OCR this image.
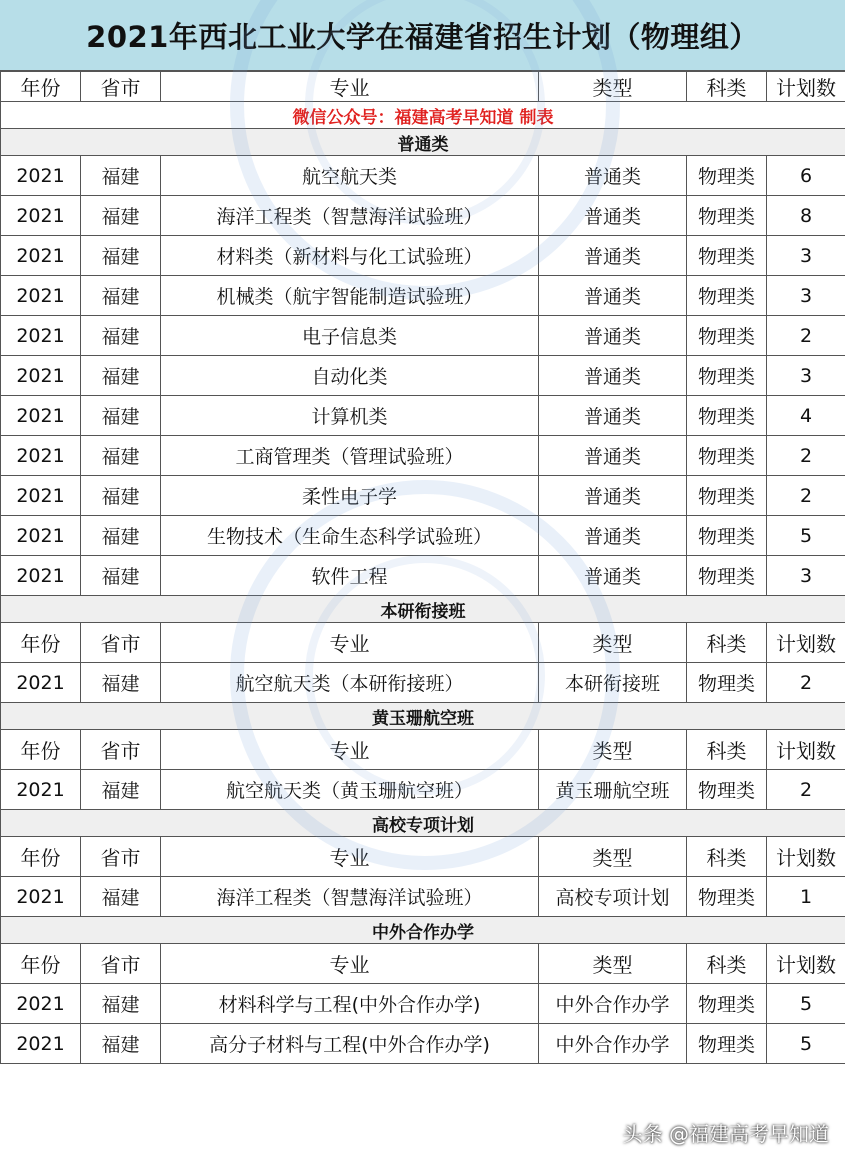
2021年西北工业大学在福建省招生计划（物理组）
年份	省市	专业	类型	科类	计划数
微信公众号：福建高考早知道 制表					
普通类					
2021	福建	航空航天类	普通类	物理类	6
2021	福建	海洋工程类（智慧海洋试验班）	普通类	物理类	8
2021	福建	材料类（新材料与化工试验班）	普通类	物理类	3
2021	福建	机械类（航宇智能制造试验班）	普通类	物理类	3
2021	福建	电子信息类	普通类	物理类	2
2021	福建	自动化类	普通类	物理类	3
2021	福建	计算机类	普通类	物理类	4
2021	福建	工商管理类（管理试验班）	普通类	物理类	2
2021	福建	柔性电子学	普通类	物理类	2
2021	福建	生物技术（生命生态科学试验班）	普通类	物理类	5
2021	福建	软件工程	普通类	物理类	3
本研衔接班					
年份	省市	专业	类型	科类	计划数
2021	福建	航空航天类（本研衔接班）	本研衔接班	物理类	2
黄玉珊航空班					
年份	省市	专业	类型	科类	计划数
2021	福建	航空航天类（黄玉珊航空班）	黄玉珊航空班	物理类	2
高校专项计划					
年份	省市	专业	类型	科类	计划数
2021	福建	海洋工程类（智慧海洋试验班）	高校专项计划	物理类	1
中外合作办学					
年份	省市	专业	类型	科类	计划数
2021	福建	材料科学与工程(中外合作办学)	中外合作办学	物理类	5
2021	福建	高分子材料与工程(中外合作办学)	中外合作办学	物理类	5
头条 @福建高考早知道
